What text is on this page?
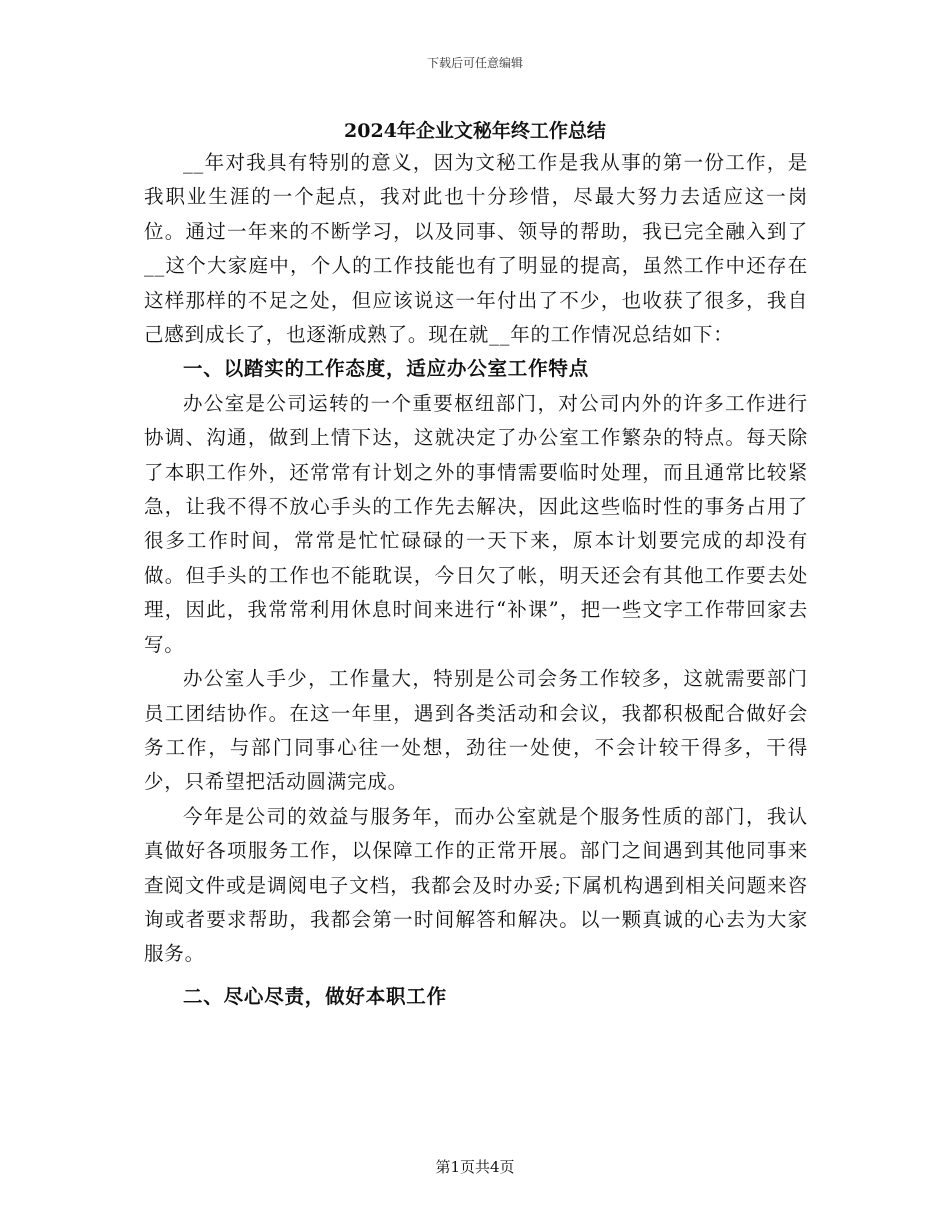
下载后可任意编辑
2024年企业文秘年终工作总结

__年对我具有特别的意义，因为文秘工作是我从事的第一份工作，是我职业生涯的一个起点，我对此也十分珍惜，尽最大努力去适应这一岗位。通过一年来的不断学习，以及同事、领导的帮助，我已完全融入到了__这个大家庭中，个人的工作技能也有了明显的提高，虽然工作中还存在这样那样的不足之处，但应该说这一年付出了不少，也收获了很多，我自己感到成长了，也逐渐成熟了。现在就__年的工作情况总结如下：

一、以踏实的工作态度，适应办公室工作特点

办公室是公司运转的一个重要枢纽部门，对公司内外的许多工作进行协调、沟通，做到上情下达，这就决定了办公室工作繁杂的特点。每天除了本职工作外，还常常有计划之外的事情需要临时处理，而且通常比较紧急，让我不得不放心手头的工作先去解决，因此这些临时性的事务占用了很多工作时间，常常是忙忙碌碌的一天下来，原本计划要完成的却没有做。但手头的工作也不能耽误，今日欠了帐，明天还会有其他工作要去处理，因此，我常常利用休息时间来进行“补课”，把一些文字工作带回家去写。

办公室人手少，工作量大，特别是公司会务工作较多，这就需要部门员工团结协作。在这一年里，遇到各类活动和会议，我都积极配合做好会务工作，与部门同事心往一处想，劲往一处使，不会计较干得多，干得少，只希望把活动圆满完成。

今年是公司的效益与服务年，而办公室就是个服务性质的部门，我认真做好各项服务工作，以保障工作的正常开展。部门之间遇到其他同事来查阅文件或是调阅电子文档，我都会及时办妥;下属机构遇到相关问题来咨询或者要求帮助，我都会第一时间解答和解决。以一颗真诚的心去为大家服务。

二、尽心尽责，做好本职工作
第1页共4页
